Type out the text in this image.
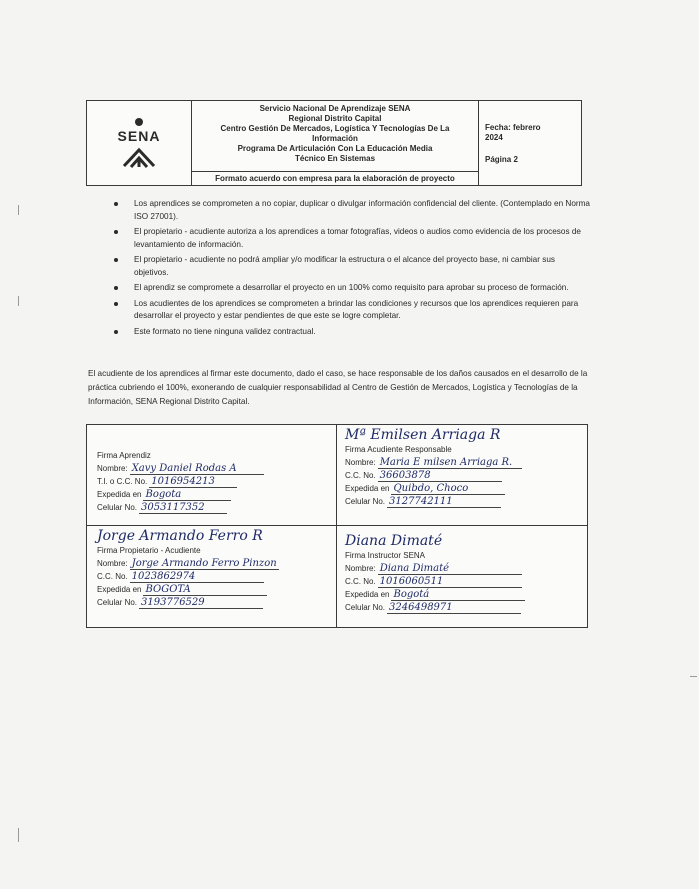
SENA
Servicio Nacional De Aprendizaje SENA
Regional Distrito Capital
Centro Gestión De Mercados, Logística Y Tecnologías De La
Información
Programa De Articulación Con La Educación Media
Técnico En Sistemas
Formato acuerdo con empresa para la elaboración de proyecto
Fecha: febrero
2024
Página 2
Los aprendices se comprometen a no copiar, duplicar o divulgar información confidencial del cliente. (Contemplado en Norma ISO 27001).
El propietario - acudiente autoriza a los aprendices a tomar fotografías, videos o audios como evidencia de los procesos de levantamiento de información.
El propietario - acudiente no podrá ampliar y/o modificar la estructura o el alcance del proyecto base, ni cambiar sus objetivos.
El aprendiz se compromete a desarrollar el proyecto en un 100% como requisito para aprobar su proceso de formación.
Los acudientes de los aprendices se comprometen a brindar las condiciones y recursos que los aprendices requieren para desarrollar el proyecto y estar pendientes de que este se logre completar.
Este formato no tiene ninguna validez contractual.

El acudiente de los aprendices al firmar este documento, dado el caso, se hace responsable de los daños causados en el desarrollo de la práctica cubriendo el 100%, exonerando de cualquier responsabilidad al Centro de Gestión de Mercados, Logística y Tecnologías de la Información, SENA Regional Distrito Capital.

Firma Aprendiz
Nombre: Xavy Daniel Rodas A
T.I. o C.C. No. 1016954213
Expedida en Bogota
Celular No. 3053117352
Mª Emilsen Arriaga R
Firma Acudiente Responsable
Nombre: Maria E milsen Arriaga R.
C.C. No. 36603878
Expedida en Quibdo, Choco
Celular No. 3127742111
Jorge Armando Ferro R
Firma Propietario - Acudiente
Nombre: Jorge Armando Ferro Pinzon
C.C. No. 1023862974
Expedida en BOGOTA
Celular No. 3193776529
Diana Dimaté
Firma Instructor SENA
Nombre: Diana Dimaté
C.C. No. 1016060511
Expedida en Bogotá
Celular No. 3246498971
